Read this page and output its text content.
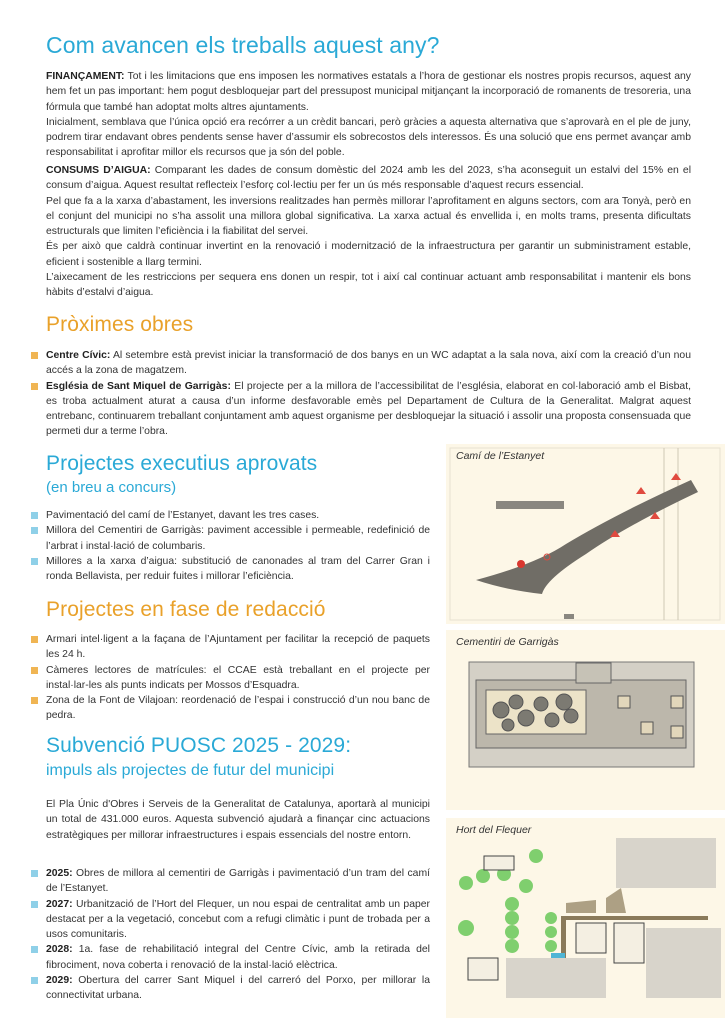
Com avancen els treballs aquest any?
FINANÇAMENT: Tot i les limitacions que ens imposen les normatives estatals a l’hora de gestionar els nostres propis recursos, aquest any hem fet un pas important: hem pogut desbloquejar part del pressupost municipal mitjançant la incorporació de romanents de tresoreria, una fórmula que també han adoptat molts altres ajuntaments.
Inicialment, semblava que l’única opció era recórrer a un crèdit bancari, però gràcies a aquesta alternativa que s’aprovarà en el ple de juny, podrem tirar endavant obres pendents sense haver d’assumir els sobrecostos dels interessos. És una solució que ens permet avançar amb responsabilitat i aprofitar millor els recursos que ja són del poble.
CONSUMS D’AIGUA: Comparant les dades de consum domèstic del 2024 amb les del 2023, s’ha aconseguit un estalvi del 15% en el consum d’aigua. Aquest resultat reflecteix l’esforç col·lectiu per fer un ús més responsable d’aquest recurs essencial.
Pel que fa a la xarxa d’abastament, les inversions realitzades han permès millorar l’aprofitament en alguns sectors, com ara Tonyà, però en el conjunt del municipi no s’ha assolit una millora global significativa. La xarxa actual és envellida i, en molts trams, presenta dificultats estructurals que limiten l’eficiència i la fiabilitat del servei.
És per això que caldrà continuar invertint en la renovació i modernització de la infraestructura per garantir un subministrament estable, eficient i sostenible a llarg termini.
L’aixecament de les restriccions per sequera ens donen un respir, tot i així cal continuar actuant amb responsabilitat i mantenir els bons hàbits d’estalvi d’aigua.
Pròximes obres
Centre Cívic: Al setembre està previst iniciar la transformació de dos banys en un WC adaptat a la sala nova, així com la creació d’un nou accés a la zona de magatzem.
Església de Sant Miquel de Garrigàs: El projecte per a la millora de l’accessibilitat de l’església, elaborat en col·laboració amb el Bisbat, es troba actualment aturat a causa d’un informe desfavorable emès pel Departament de Cultura de la Generalitat. Malgrat aquest entrebanc, continuarem treballant conjuntament amb aquest organisme per desbloquejar la situació i assolir una proposta consensuada que permeti dur a terme l’obra.
Projectes executius aprovats
(en breu a concurs)
Pavimentació del camí de l’Estanyet, davant les tres cases.
Millora del Cementiri de Garrigàs: paviment accessible i permeable, redefinició de l’arbrat i instal·lació de columbaris.
Millores a la xarxa d’aigua: substitució de canonades al tram del Carrer Gran i ronda Bellavista, per reduir fuites i millorar l’eficiència.
Projectes en fase de redacció
Armari intel·ligent a la façana de l’Ajuntament per facilitar la recepció de paquets les 24 h.
Càmeres lectores de matrícules: el CCAE està treballant en el projecte per instal·lar-les als punts indicats per Mossos d’Esquadra.
Zona de la Font de Vilajoan: reordenació de l’espai i construcció d’un nou banc de pedra.
Subvenció PUOSC 2025 - 2029:
impuls als projectes de futur del municipi
El Pla Únic d'Obres i Serveis de la Generalitat de Catalunya, aportarà al municipi un total de 431.000 euros. Aquesta subvenció ajudarà a finançar cinc actuacions estratègiques per millorar infraestructures i espais essencials del nostre entorn.
2025: Obres de millora al cementiri de Garrigàs i pavimentació d’un tram del camí de l’Estanyet.
2027: Urbanització de l’Hort del Flequer, un nou espai de centralitat amb un paper destacat per a la vegetació, concebut com a refugi climàtic i punt de trobada per a usos comunitaris.
2028: 1a. fase de rehabilitació integral del Centre Cívic, amb la retirada del fibrociment, nova coberta i renovació de la instal·lació elèctrica.
2029: Obertura del carrer Sant Miquel i del carreró del Porxo, per millorar la connectivitat urbana.
Camí de l’Estanyet
Cementiri de Garrigàs
Hort del Flequer
